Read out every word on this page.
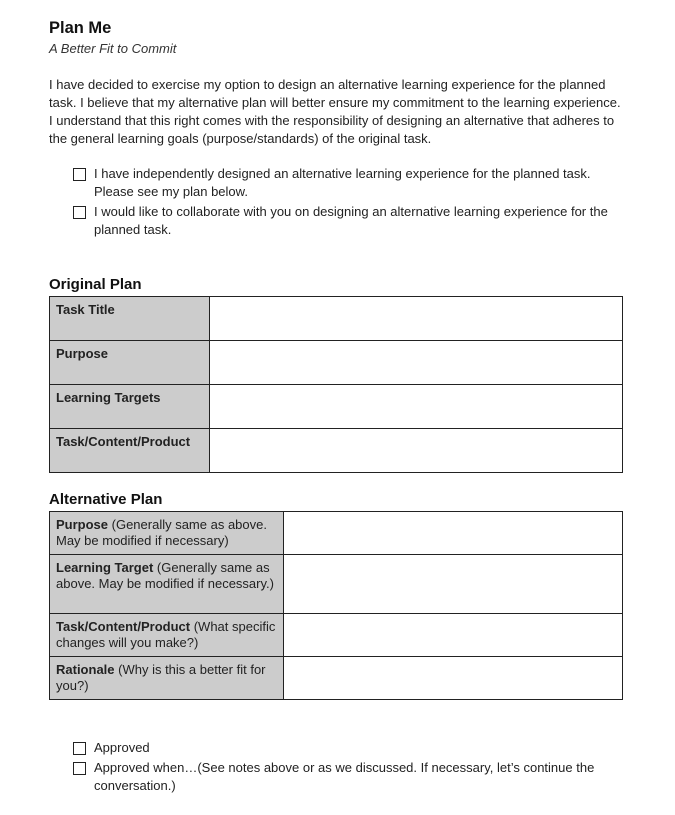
Plan Me
A Better Fit to Commit

I have decided to exercise my option to design an alternative learning experience for the planned task. I believe that my alternative plan will better ensure my commitment to the learning experience. I understand that this right comes with the responsibility of designing an alternative that adheres to the general learning goals (purpose/standards) of the original task.

I have independently designed an alternative learning experience for the planned task. Please see my plan below.
I would like to collaborate with you on designing an alternative learning experience for the planned task.
Original Plan
Task Title	
Purpose	
Learning Targets	
Task/Content/Product	
Alternative Plan
Purpose (Generally same as above. May be modified if necessary)	
Learning Target (Generally same as above. May be modified if necessary.)	
Task/Content/Product (What specific changes will you make?)	
Rationale (Why is this a better fit for you?)	
Approved
Approved when…(See notes above or as we discussed. If necessary, let’s continue the conversation.)
